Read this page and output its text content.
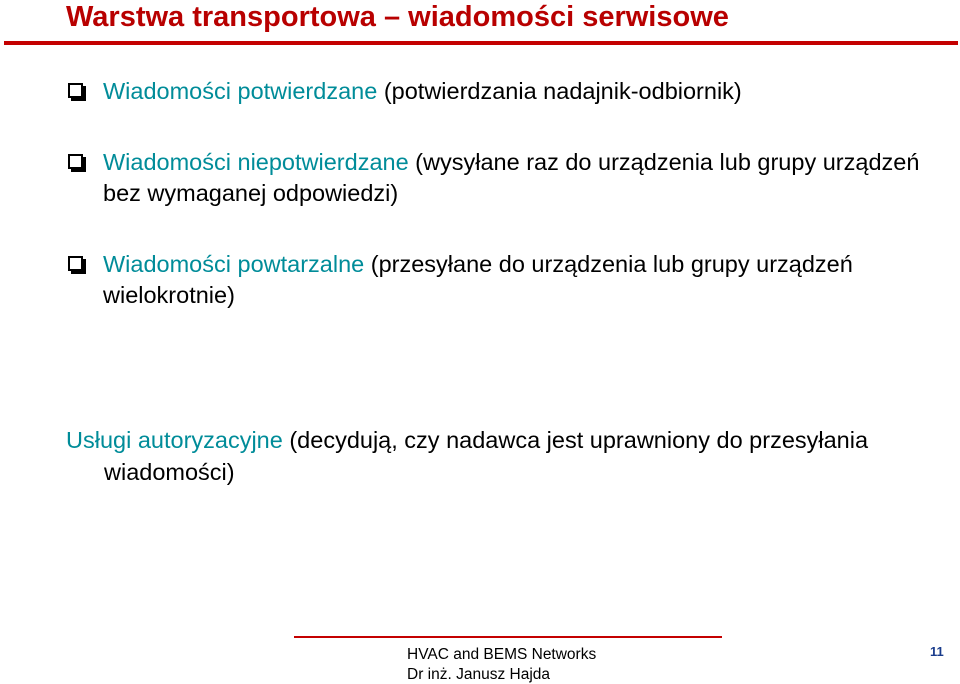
Warstwa transportowa – wiadomości serwisowe
Wiadomości potwierdzane (potwierdzania nadajnik-odbiornik)
Wiadomości niepotwierdzane (wysyłane raz do urządzenia lub grupy urządzeń bez wymaganej odpowiedzi)
Wiadomości powtarzalne (przesyłane do urządzenia lub grupy urządzeń wielokrotnie)

Usługi autoryzacyjne (decydują, czy nadawca jest uprawniony do przesyłania wiadomości)

HVAC and BEMS Networks
Dr inż. Janusz Hajda
11
